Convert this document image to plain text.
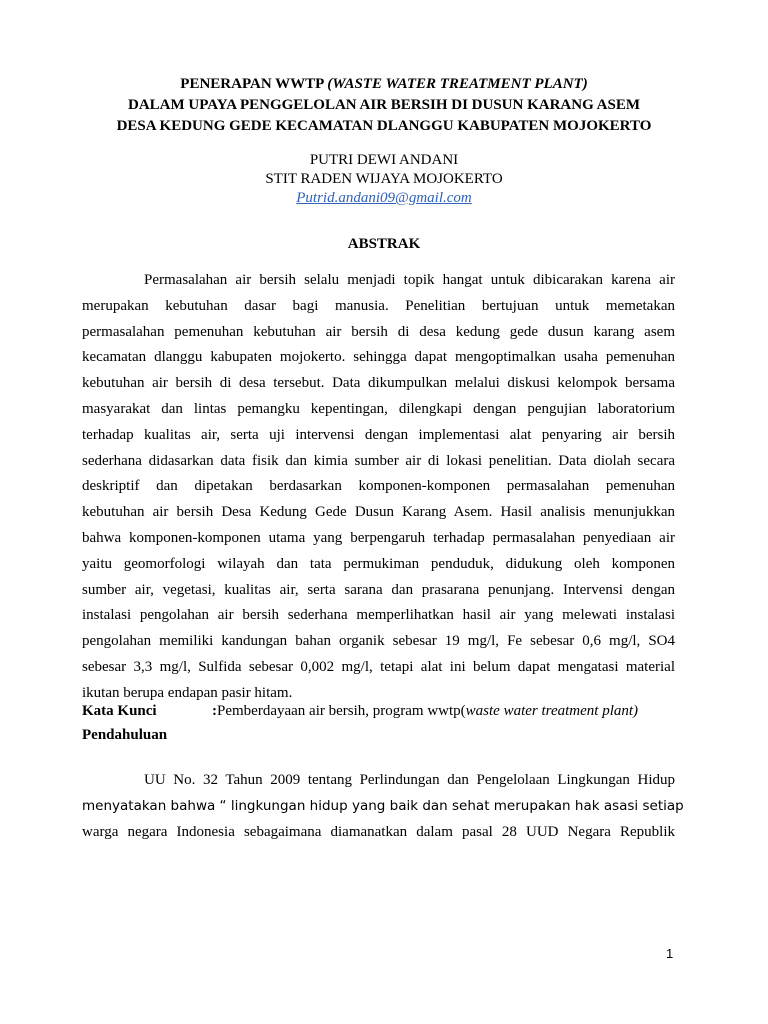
PENERAPAN WWTP (WASTE WATER TREATMENT PLANT)
DALAM UPAYA PENGGELOLAN AIR BERSIH DI DUSUN KARANG ASEM
DESA KEDUNG GEDE KECAMATAN DLANGGU KABUPATEN MOJOKERTO
PUTRI DEWI ANDANI
STIT RADEN WIJAYA MOJOKERTO
Putrid.andani09@gmail.com
ABSTRAK
Permasalahan air bersih selalu menjadi topik hangat untuk dibicarakan karena air
merupakan kebutuhan dasar bagi manusia. Penelitian bertujuan untuk memetakan
permasalahan pemenuhan kebutuhan air bersih di desa kedung gede dusun karang asem
kecamatan dlanggu kabupaten mojokerto. sehingga dapat mengoptimalkan usaha pemenuhan
kebutuhan air bersih di desa tersebut. Data dikumpulkan melalui diskusi kelompok bersama
masyarakat dan lintas pemangku kepentingan, dilengkapi dengan pengujian laboratorium
terhadap kualitas air, serta uji intervensi dengan implementasi alat penyaring air bersih
sederhana didasarkan data fisik dan kimia sumber air di lokasi penelitian. Data diolah secara
deskriptif dan dipetakan berdasarkan komponen-komponen permasalahan pemenuhan
kebutuhan air bersih Desa Kedung Gede Dusun Karang Asem. Hasil analisis menunjukkan
bahwa komponen-komponen utama yang berpengaruh terhadap permasalahan penyediaan air
yaitu geomorfologi wilayah dan tata permukiman penduduk, didukung oleh komponen
sumber air, vegetasi, kualitas air, serta sarana dan prasarana penunjang. Intervensi dengan
instalasi pengolahan air bersih sederhana memperlihatkan hasil air yang melewati instalasi
pengolahan memiliki kandungan bahan organik sebesar 19 mg/l, Fe sebesar 0,6 mg/l, SO4
sebesar 3,3 mg/l, Sulfida sebesar 0,002 mg/l, tetapi alat ini belum dapat mengatasi material
ikutan berupa endapan pasir hitam.
Kata Kunci	:Pemberdayaan air bersih, program wwtp(waste water treatment plant)
Pendahuluan
UU No. 32 Tahun 2009 tentang Perlindungan dan Pengelolaan Lingkungan Hidup
menyatakan bahwa “ lingkungan hidup yang baik dan sehat merupakan hak asasi setiap
warga negara Indonesia sebagaimana diamanatkan dalam pasal 28 UUD Negara Republik
1
